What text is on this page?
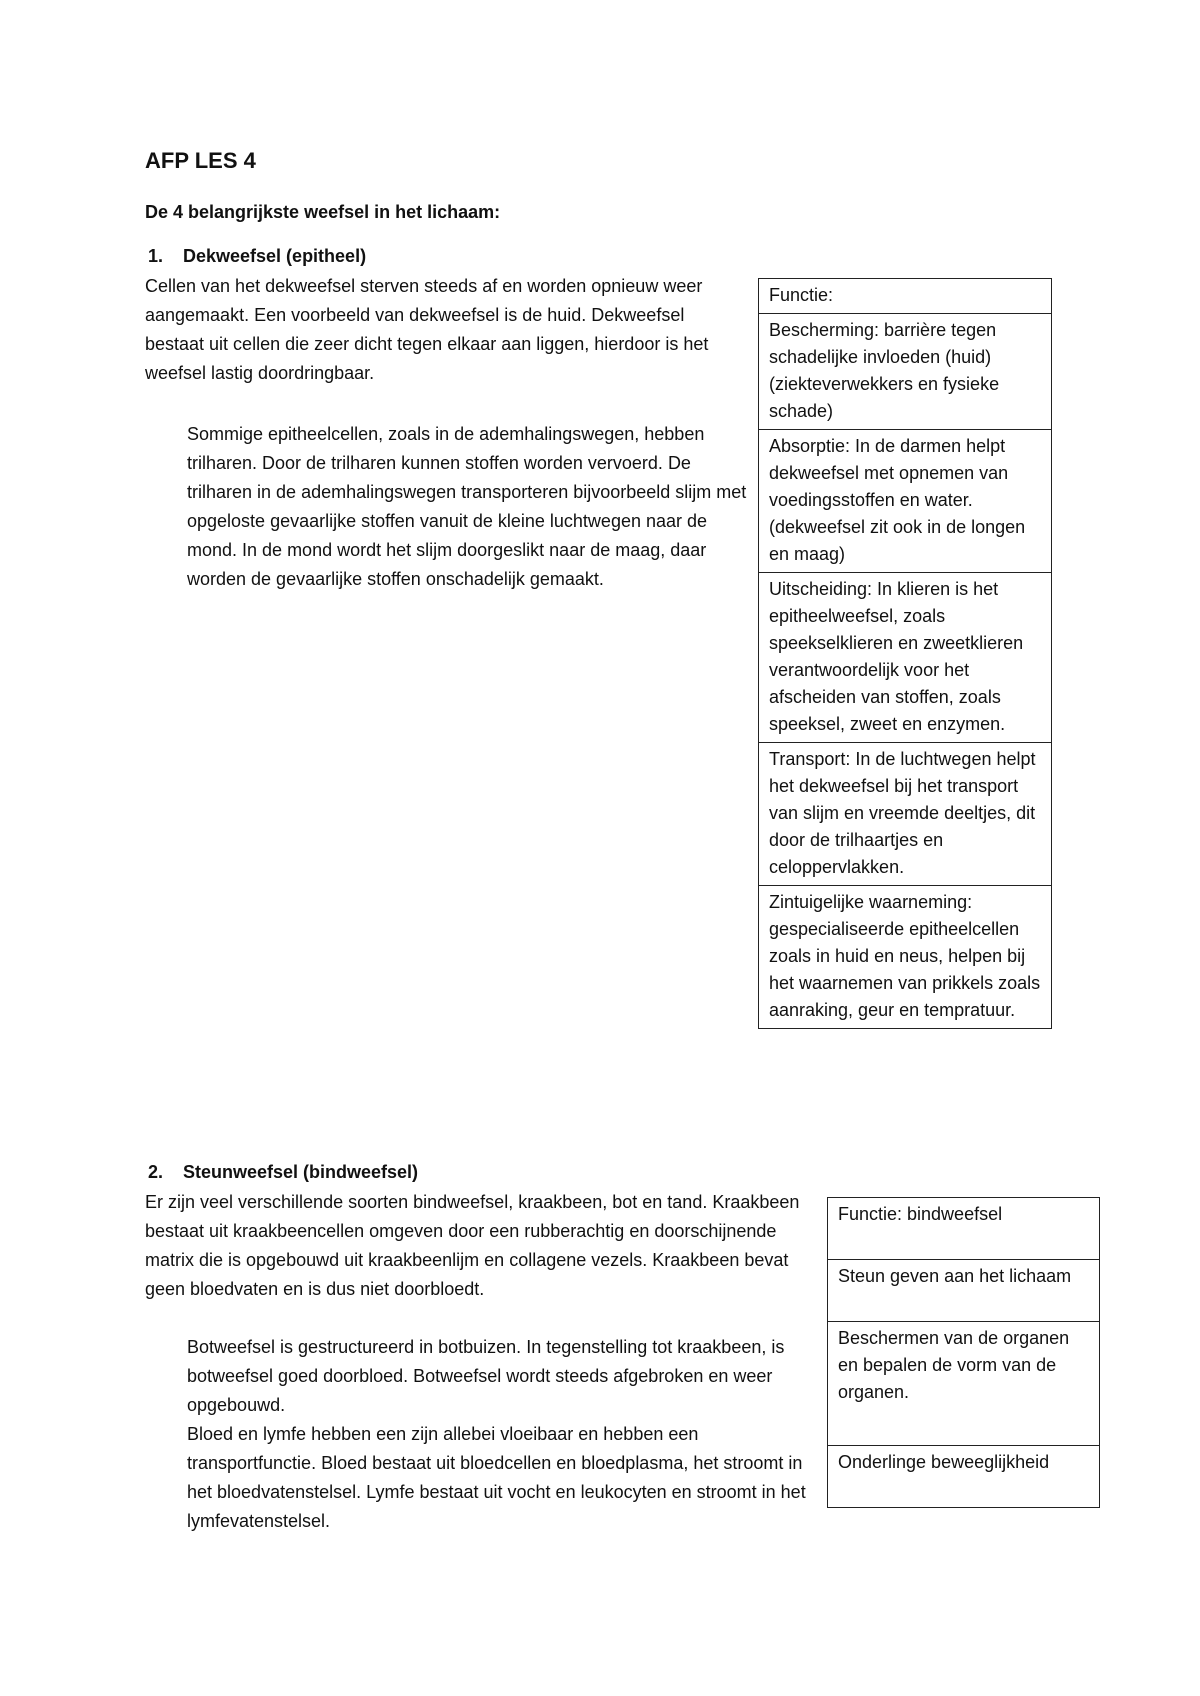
AFP LES 4
De 4 belangrijkste weefsel in het lichaam:
1. Dekweefsel (epitheel)

Cellen van het dekweefsel sterven steeds af en worden opnieuw weer aangemaakt. Een voorbeeld van dekweefsel is de huid. Dekweefsel bestaat uit cellen die zeer dicht tegen elkaar aan liggen, hierdoor is het weefsel lastig doordringbaar.

Sommige epitheelcellen, zoals in de ademhalingswegen, hebben trilharen. Door de trilharen kunnen stoffen worden vervoerd. De trilharen in de ademhalingswegen transporteren bijvoorbeeld slijm met opgeloste gevaarlijke stoffen vanuit de kleine luchtwegen naar de mond. In de mond wordt het slijm doorgeslikt naar de maag, daar worden de gevaarlijke stoffen onschadelijk gemaakt.

Functie:
Bescherming: barrière tegen schadelijke invloeden (huid) (ziekteverwekkers en fysieke schade)
Absorptie: In de darmen helpt dekweefsel met opnemen van voedingsstoffen en water. (dekweefsel zit ook in de longen en maag)
Uitscheiding: In klieren is het epitheelweefsel, zoals speekselklieren en zweetklieren verantwoordelijk voor het afscheiden van stoffen, zoals speeksel, zweet en enzymen.
Transport: In de luchtwegen helpt het dekweefsel bij het transport van slijm en vreemde deeltjes, dit door de trilhaartjes en celoppervlakken.
Zintuigelijke waarneming: gespecialiseerde epitheelcellen zoals in huid en neus, helpen bij het waarnemen van prikkels zoals aanraking, geur en tempratuur.
2. Steunweefsel (bindweefsel)

Er zijn veel verschillende soorten bindweefsel, kraakbeen, bot en tand. Kraakbeen bestaat uit kraakbeencellen omgeven door een rubberachtig en doorschijnende matrix die is opgebouwd uit kraakbeenlijm en collagene vezels. Kraakbeen bevat geen bloedvaten en is dus niet doorbloedt.

Botweefsel is gestructureerd in botbuizen. In tegenstelling tot kraakbeen, is botweefsel goed doorbloed. Botweefsel wordt steeds afgebroken en weer opgebouwd.

Bloed en lymfe hebben een zijn allebei vloeibaar en hebben een transportfunctie. Bloed bestaat uit bloedcellen en bloedplasma, het stroomt in het bloedvatenstelsel. Lymfe bestaat uit vocht en leukocyten en stroomt in het lymfevatenstelsel.

Functie: bindweefsel
Steun geven aan het lichaam
Beschermen van de organen en bepalen de vorm van de organen.
Onderlinge beweeglijkheid
